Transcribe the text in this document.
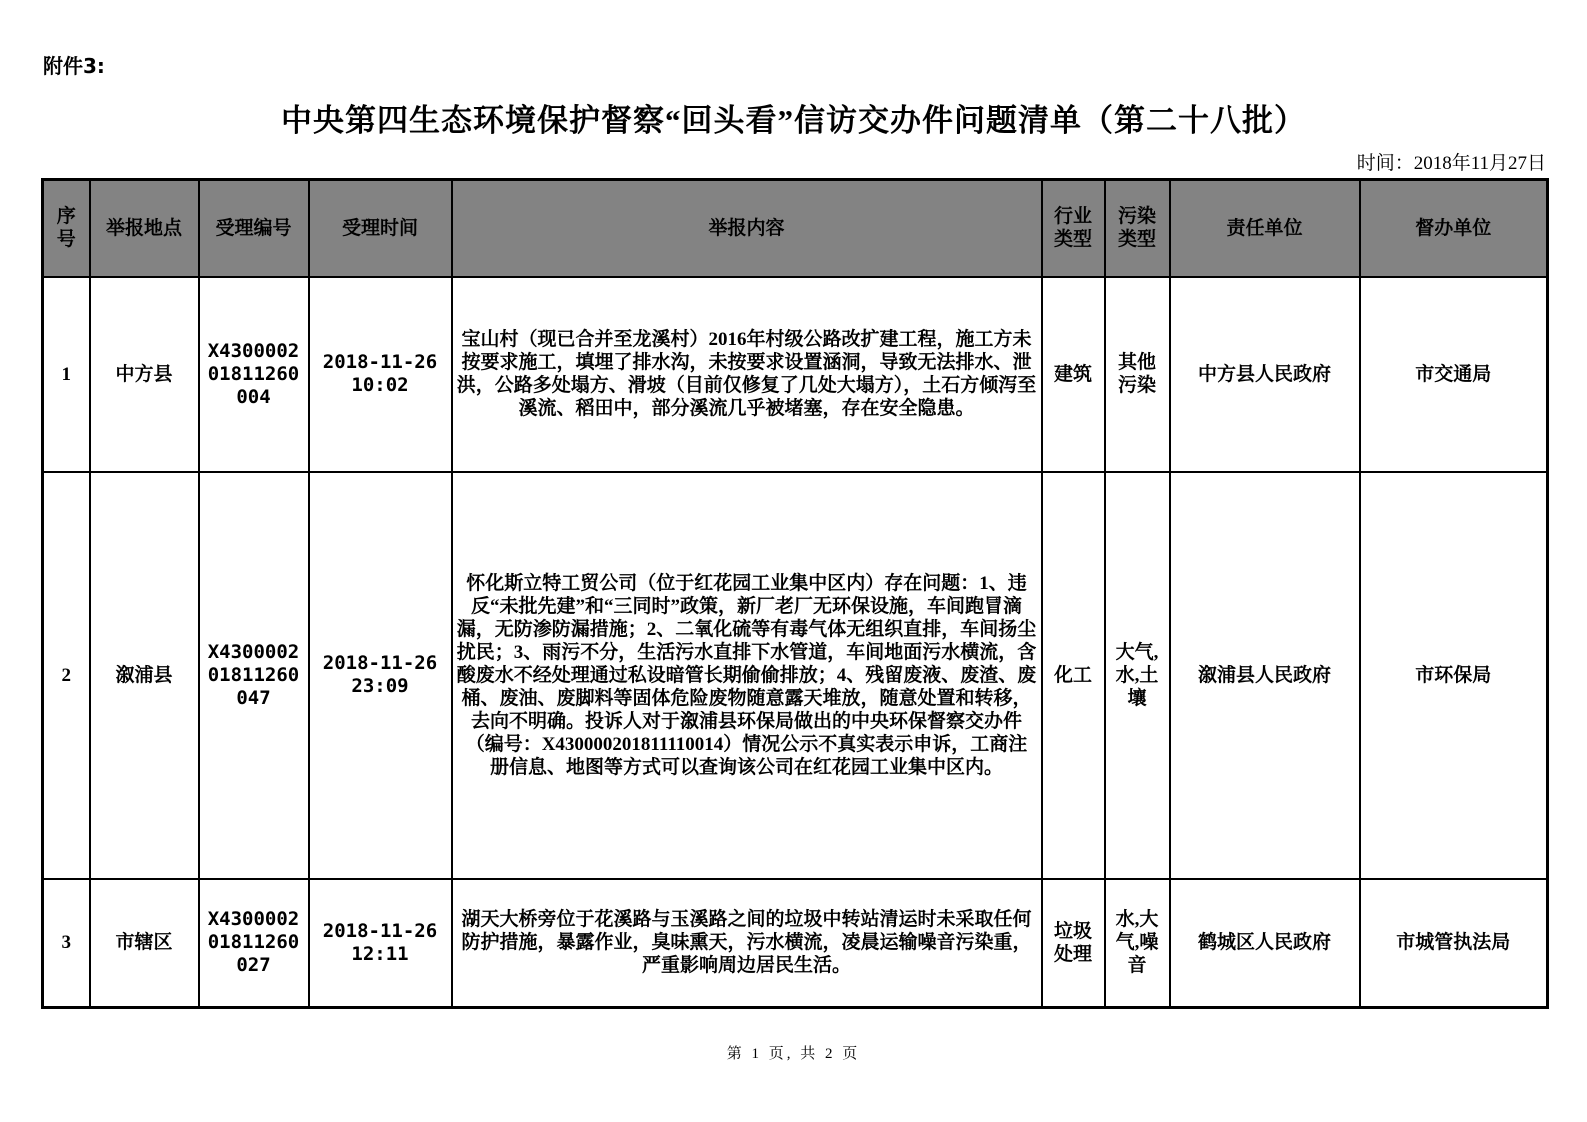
附件3:
中央第四生态环境保护督察“回头看”信访交办件问题清单（第二十八批）
时间：2018年11月27日
序号	举报地点	受理编号	受理时间	举报内容	行业类型	污染类型	责任单位	督办单位
1	中方县	X430000201811260004	2018-11-26 10:02	宝山村（现已合并至龙溪村）2016年村级公路改扩建工程，施工方未按要求施工，填埋了排水沟，未按要求设置涵洞，导致无法排水、泄洪，公路多处塌方、滑坡（目前仅修复了几处大塌方），土石方倾泻至溪流、稻田中，部分溪流几乎被堵塞，存在安全隐患。	建筑	其他污染	中方县人民政府	市交通局
2	溆浦县	X430000201811260047	2018-11-26 23:09	怀化斯立特工贸公司（位于红花园工业集中区内）存在问题：1、违反“未批先建”和“三同时”政策，新厂老厂无环保设施，车间跑冒滴漏，无防渗防漏措施；2、二氧化硫等有毒气体无组织直排，车间扬尘扰民；3、雨污不分，生活污水直排下水管道，车间地面污水横流，含酸废水不经处理通过私设暗管长期偷偷排放；4、残留废液、废渣、废桶、废油、废脚料等固体危险废物随意露天堆放，随意处置和转移，去向不明确。投诉人对于溆浦县环保局做出的中央环保督察交办件（编号：X430000201811110014）情况公示不真实表示申诉，工商注册信息、地图等方式可以查询该公司在红花园工业集中区内。	化工	大气,水,土壤	溆浦县人民政府	市环保局
3	市辖区	X430000201811260027	2018-11-26 12:11	湖天大桥旁位于花溪路与玉溪路之间的垃圾中转站清运时未采取任何防护措施，暴露作业，臭味熏天，污水横流，凌晨运输噪音污染重，严重影响周边居民生活。	垃圾处理	水,大气,噪音	鹤城区人民政府	市城管执法局
第 1 页, 共 2 页
